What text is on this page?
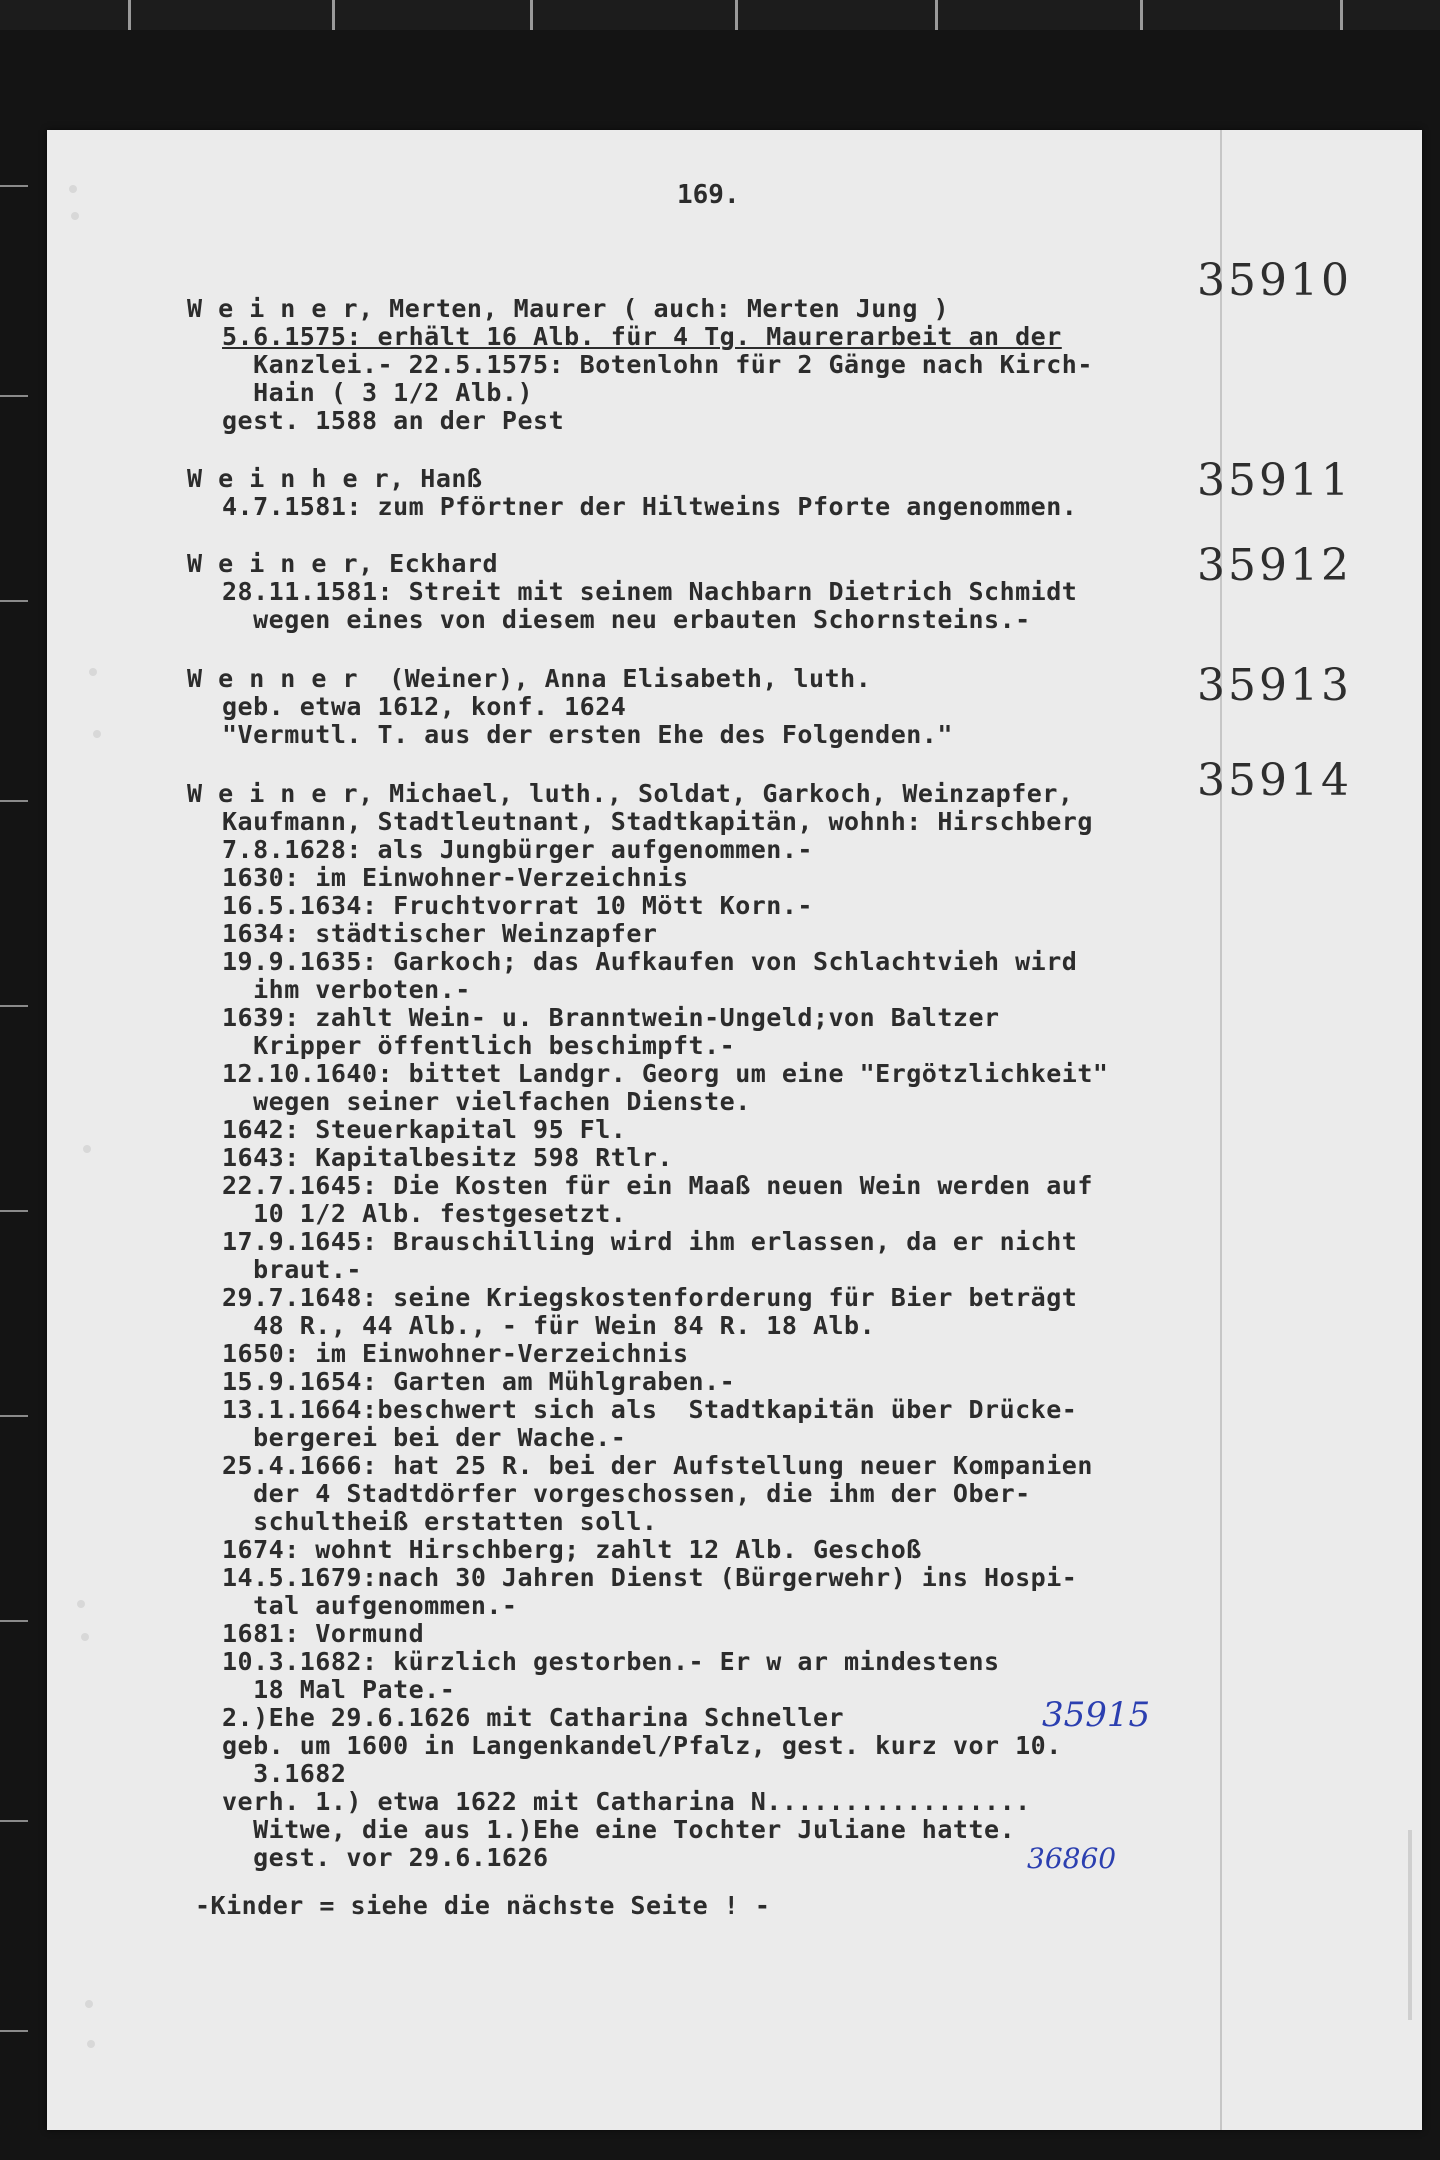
169.
35910
W e i n e r, Merten, Maurer ( auch: Merten Jung )
5.6.1575: erhält 16 Alb. für 4 Tg. Maurerarbeit an der
Kanzlei.- 22.5.1575: Botenlohn für 2 Gänge nach Kirch-
Hain ( 3 1/2 Alb.)
gest. 1588 an der Pest
35911
W e i n h e r, Hanß
4.7.1581: zum Pförtner der Hiltweins Pforte angenommen.
35912
W e i n e r, Eckhard
28.11.1581: Streit mit seinem Nachbarn Dietrich Schmidt
wegen eines von diesem neu erbauten Schornsteins.-
35913
W e n n e r  (Weiner), Anna Elisabeth, luth.
geb. etwa 1612, konf. 1624
"Vermutl. T. aus der ersten Ehe des Folgenden."
35914
W e i n e r, Michael, luth., Soldat, Garkoch, Weinzapfer,
Kaufmann, Stadtleutnant, Stadtkapitän, wohnh: Hirschberg
7.8.1628: als Jungbürger aufgenommen.-
1630: im Einwohner-Verzeichnis
16.5.1634: Fruchtvorrat 10 Mött Korn.-
1634: städtischer Weinzapfer
19.9.1635: Garkoch; das Aufkaufen von Schlachtvieh wird
ihm verboten.-
1639: zahlt Wein- u. Branntwein-Ungeld;von Baltzer
Kripper öffentlich beschimpft.-
12.10.1640: bittet Landgr. Georg um eine "Ergötzlichkeit"
wegen seiner vielfachen Dienste.
1642: Steuerkapital 95 Fl.
1643: Kapitalbesitz 598 Rtlr.
22.7.1645: Die Kosten für ein Maaß neuen Wein werden auf
10 1/2 Alb. festgesetzt.
17.9.1645: Brauschilling wird ihm erlassen, da er nicht
braut.-
29.7.1648: seine Kriegskostenforderung für Bier beträgt
48 R., 44 Alb., - für Wein 84 R. 18 Alb.
1650: im Einwohner-Verzeichnis
15.9.1654: Garten am Mühlgraben.-
13.1.1664:beschwert sich als  Stadtkapitän über Drücke-
bergerei bei der Wache.-
25.4.1666: hat 25 R. bei der Aufstellung neuer Kompanien
der 4 Stadtdörfer vorgeschossen, die ihm der Ober-
schultheiß erstatten soll.
1674: wohnt Hirschberg; zahlt 12 Alb. Geschoß
14.5.1679:nach 30 Jahren Dienst (Bürgerwehr) ins Hospi-
tal aufgenommen.-
1681: Vormund
10.3.1682: kürzlich gestorben.- Er w ar mindestens
18 Mal Pate.-
2.)Ehe 29.6.1626 mit Catharina Schneller
geb. um 1600 in Langenkandel/Pfalz, gest. kurz vor 10.
3.1682
verh. 1.) etwa 1622 mit Catharina N.................
Witwe, die aus 1.)Ehe eine Tochter Juliane hatte.
gest. vor 29.6.1626
35915
36860
-Kinder = siehe die nächste Seite ! -
